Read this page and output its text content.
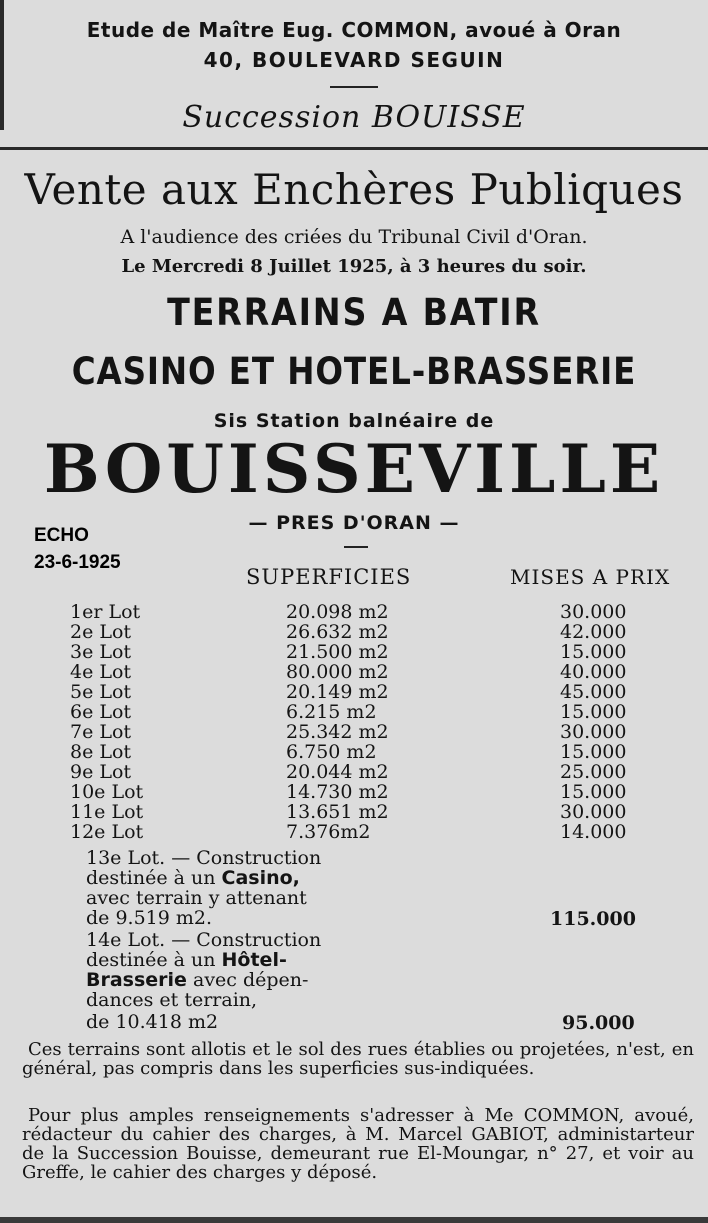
Etude de Maître Eug. COMMON, avoué à Oran
40, BOULEVARD SEGUIN
Succession BOUISSE
Vente aux Enchères Publiques
A l'audience des criées du Tribunal Civil d'Oran.
Le Mercredi 8 Juillet 1925, à 3 heures du soir.
TERRAINS A BATIR
CASINO ET HOTEL-BRASSERIE
Sis Station balnéaire de
BOUISSEVILLE
— PRES D'ORAN —
ECHO
23-6-1925
SUPERFICIES	MISES A PRIX
1er Lot	20.098 m2	30.000
2e Lot	26.632 m2	42.000
3e Lot	21.500 m2	15.000
4e Lot	80.000 m2	40.000
5e Lot	20.149 m2	45.000
6e Lot	6.215 m2	15.000
7e Lot	25.342 m2	30.000
8e Lot	6.750 m2	15.000
9e Lot	20.044 m2	25.000
10e Lot	14.730 m2	15.000
11e Lot	13.651 m2	30.000
12e Lot	7.376m2	14.000
13e Lot. — Construction
destinée à un Casino,
avec terrain y attenant
de 9.519 m2.	115.000
14e Lot. — Construction
destinée à un Hôtel-
Brasserie avec dépen-
dances et terrain,
de 10.418 m2	95.000
Ces terrains sont allotis et le sol des rues établies ou projetées, n'est, en général, pas compris dans les superficies sus-indiquées.
Pour plus amples renseignements s'adresser à Me COMMON, avoué, rédacteur du cahier des charges, à M. Marcel GABIOT, administarteur de la Succession Bouisse, demeurant rue El-Moungar, n° 27, et voir au Greffe, le cahier des charges y déposé.
